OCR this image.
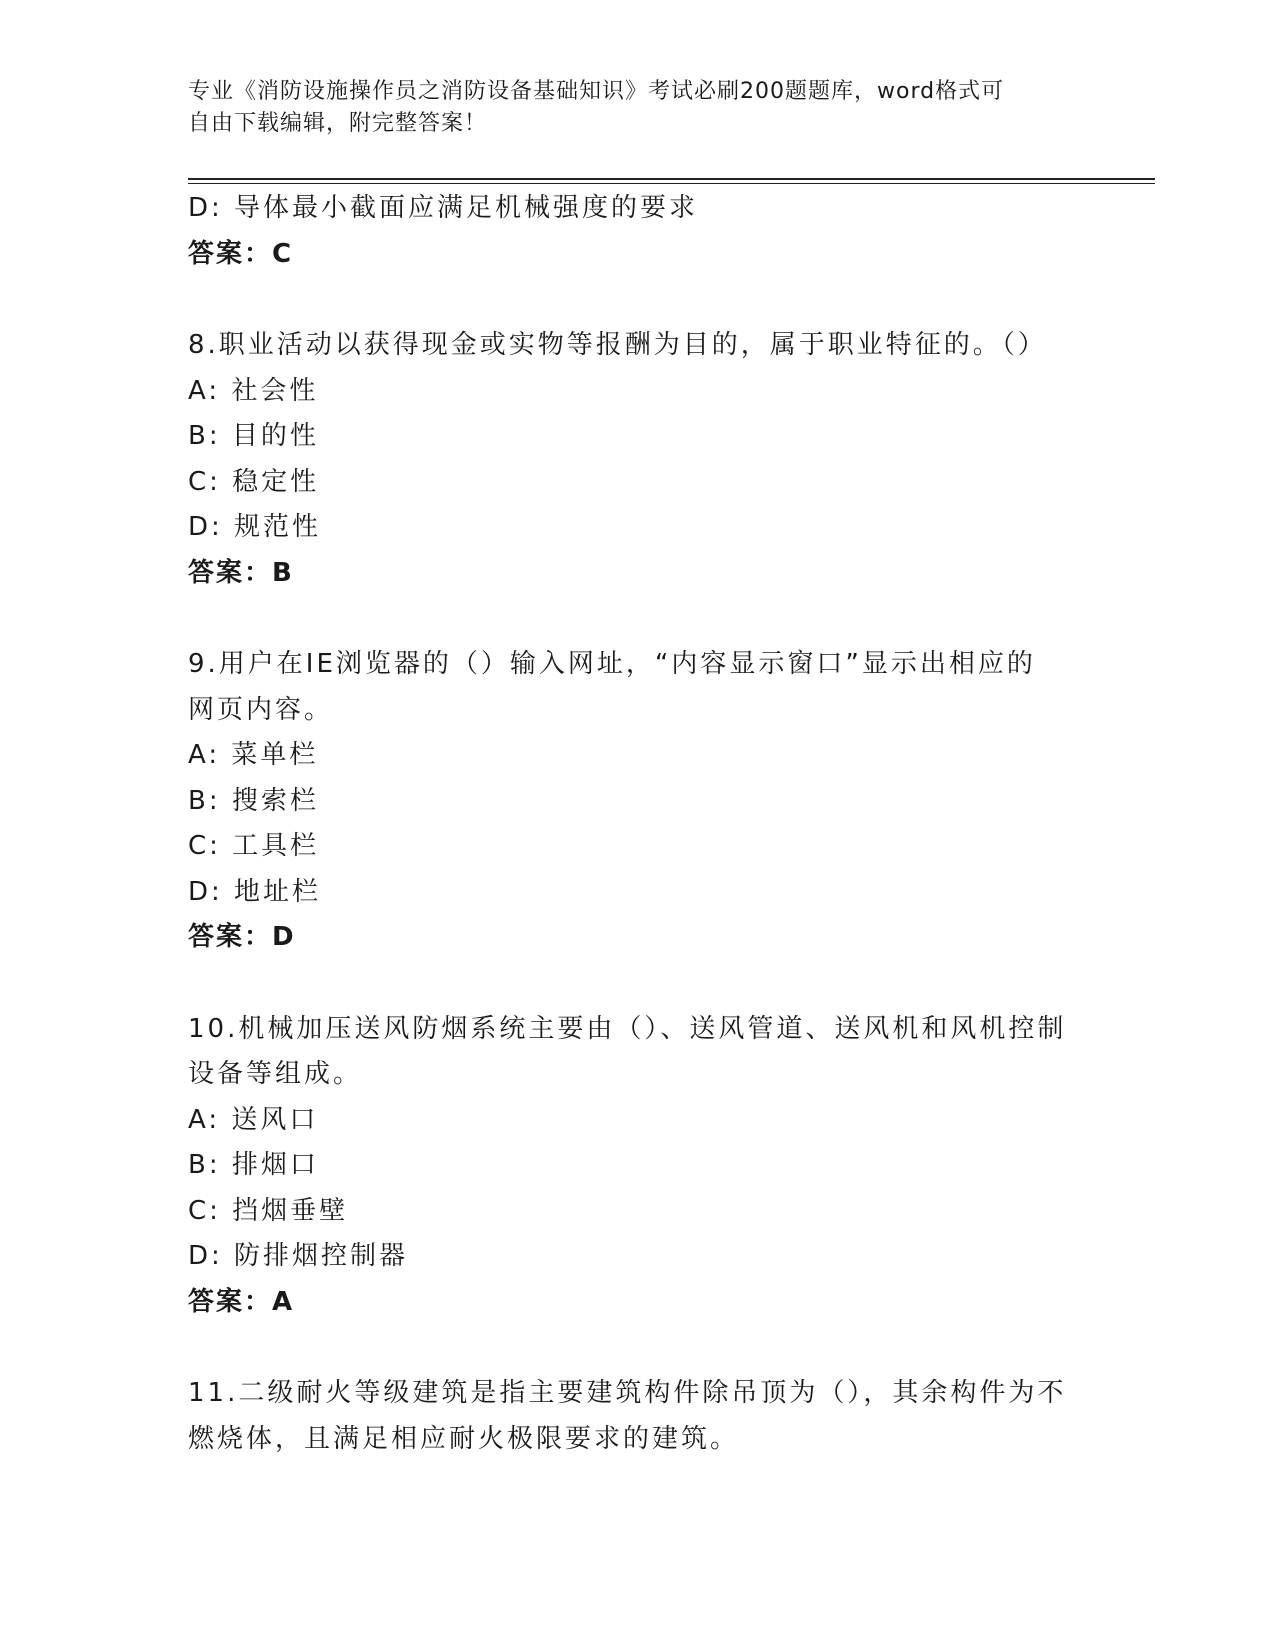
专业《消防设施操作员之消防设备基础知识》考试必刷200题题库，word格式可
自由下载编辑，附完整答案！
D: 导体最小截面应满足机械强度的要求
答案：C
8.职业活动以获得现金或实物等报酬为目的，属于职业特征的。（）
A: 社会性
B: 目的性
C: 稳定性
D: 规范性
答案：B
9.用户在IE浏览器的（）输入网址，“内容显示窗口”显示出相应的
网页内容。
A: 菜单栏
B: 搜索栏
C: 工具栏
D: 地址栏
答案：D
10.机械加压送风防烟系统主要由（）、送风管道、送风机和风机控制
设备等组成。
A: 送风口
B: 排烟口
C: 挡烟垂壁
D: 防排烟控制器
答案：A
11.二级耐火等级建筑是指主要建筑构件除吊顶为（），其余构件为不
燃烧体，且满足相应耐火极限要求的建筑。
